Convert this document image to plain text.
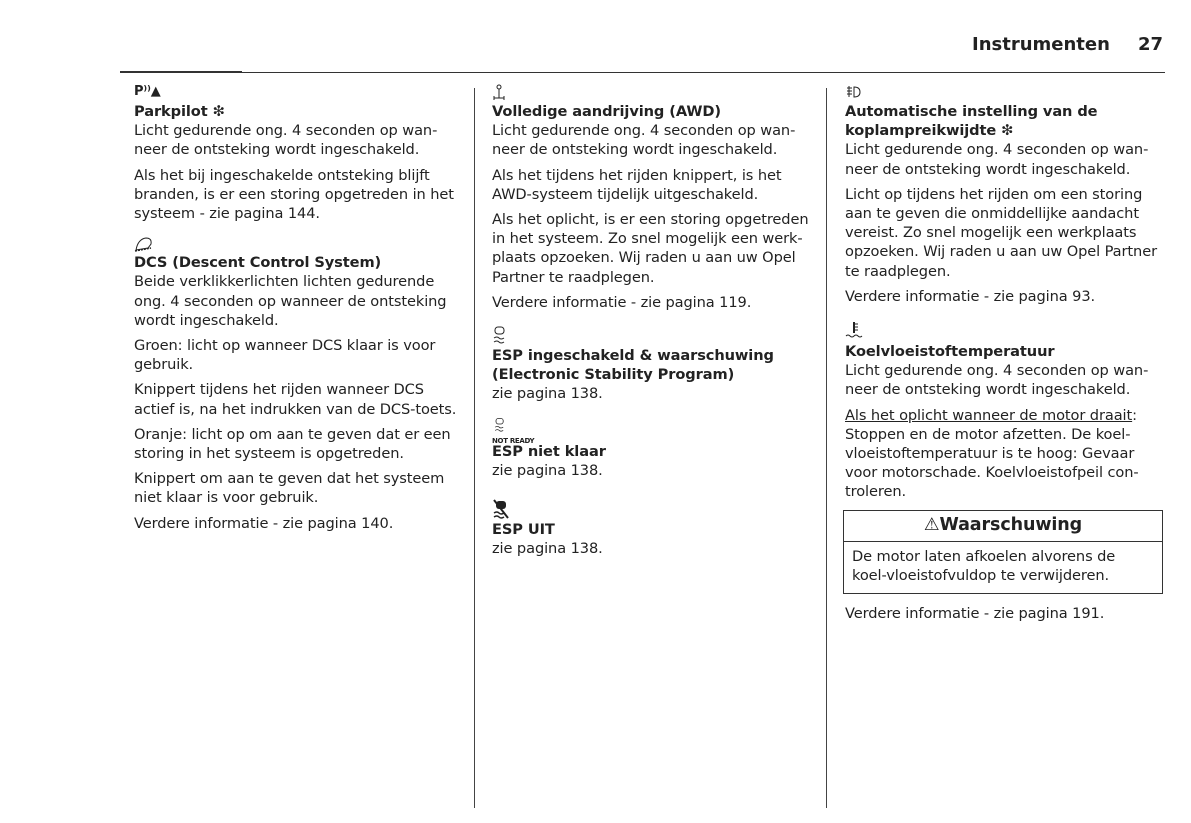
Instrumenten 27
P⁾⁾▲
Parkpilot ❇

Licht gedurende ong. 4 seconden op wan-neer de ontsteking wordt ingeschakeld.

Als het bij ingeschakelde ontsteking blijft branden, is er een storing opgetreden in het systeem - zie pagina 144.

DCS (Descent Control System)

Beide verklikkerlichten lichten gedurende ong. 4 seconden op wanneer de ontsteking wordt ingeschakeld.

Groen: licht op wanneer DCS klaar is voor gebruik.

Knippert tijdens het rijden wanneer DCS actief is, na het indrukken van de DCS-toets.

Oranje: licht op om aan te geven dat er een storing in het systeem is opgetreden.

Knippert om aan te geven dat het systeem niet klaar is voor gebruik.

Verdere informatie - zie pagina 140.

Volledige aandrijving (AWD)

Licht gedurende ong. 4 seconden op wan-neer de ontsteking wordt ingeschakeld.

Als het tijdens het rijden knippert, is het AWD-systeem tijdelijk uitgeschakeld.

Als het oplicht, is er een storing opgetreden in het systeem. Zo snel mogelijk een werk-plaats opzoeken. Wij raden u aan uw Opel Partner te raadplegen.

Verdere informatie - zie pagina 119.

ESP ingeschakeld & waarschuwing
(Electronic Stability Program)

zie pagina 138.

NOT READY
ESP niet klaar

zie pagina 138.

ESP UIT

zie pagina 138.

Automatische instelling van de
koplampreikwijdte ❇

Licht gedurende ong. 4 seconden op wan-neer de ontsteking wordt ingeschakeld.

Licht op tijdens het rijden om een storing aan te geven die onmiddellijke aandacht vereist. Zo snel mogelijk een werkplaats opzoeken. Wij raden u aan uw Opel Partner te raadplegen.

Verdere informatie - zie pagina 93.

Koelvloeistoftemperatuur

Licht gedurende ong. 4 seconden op wan-neer de ontsteking wordt ingeschakeld.

Als het oplicht wanneer de motor draait: Stoppen en de motor afzetten. De koel-vloeistoftemperatuur is te hoog: Gevaar voor motorschade. Koelvloeistofpeil con-troleren.

⚠Waarschuwing
De motor laten afkoelen alvorens de koel-vloeistofvuldop te verwijderen.

Verdere informatie - zie pagina 191.
